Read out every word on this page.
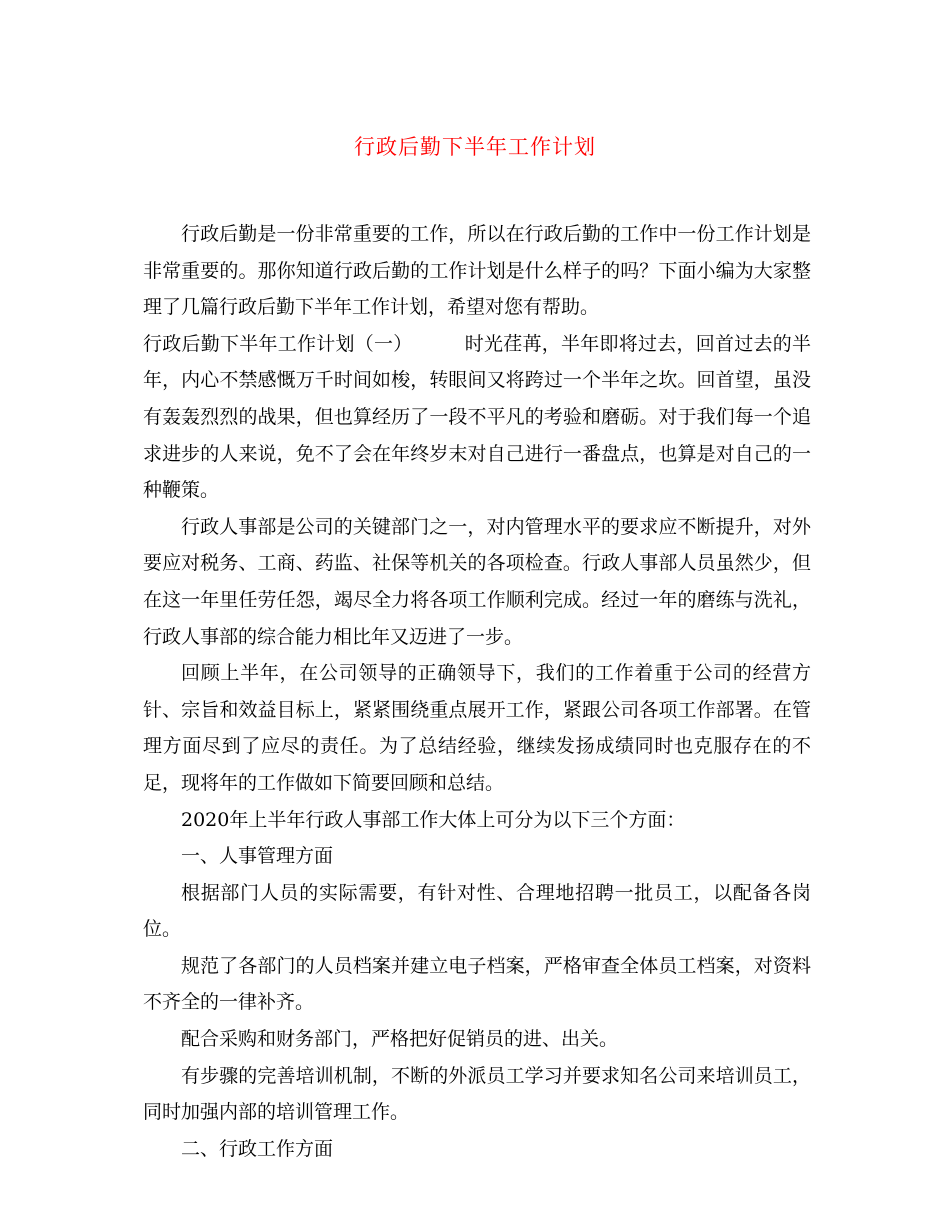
行政后勤下半年工作计划

行政后勤是一份非常重要的工作，所以在行政后勤的工作中一份工作计划是非常重要的。那你知道行政后勤的工作计划是什么样子的吗？下面小编为大家整理了几篇行政后勤下半年工作计划，希望对您有帮助。

行政后勤下半年工作计划（一）	时光荏苒，半年即将过去，回首过去的半年，内心不禁感慨万千时间如梭，转眼间又将跨过一个半年之坎。回首望，虽没有轰轰烈烈的战果，但也算经历了一段不平凡的考验和磨砺。对于我们每一个追求进步的人来说，免不了会在年终岁末对自己进行一番盘点，也算是对自己的一种鞭策。

行政人事部是公司的关键部门之一，对内管理水平的要求应不断提升，对外要应对税务、工商、药监、社保等机关的各项检查。行政人事部人员虽然少，但在这一年里任劳任怨，竭尽全力将各项工作顺利完成。经过一年的磨练与洗礼，行政人事部的综合能力相比年又迈进了一步。

回顾上半年，在公司领导的正确领导下，我们的工作着重于公司的经营方针、宗旨和效益目标上，紧紧围绕重点展开工作，紧跟公司各项工作部署。在管理方面尽到了应尽的责任。为了总结经验，继续发扬成绩同时也克服存在的不足，现将年的工作做如下简要回顾和总结。

2020年上半年行政人事部工作大体上可分为以下三个方面：

一、人事管理方面

根据部门人员的实际需要，有针对性、合理地招聘一批员工，以配备各岗位。

规范了各部门的人员档案并建立电子档案，严格审查全体员工档案，对资料不齐全的一律补齐。

配合采购和财务部门，严格把好促销员的进、出关。

有步骤的完善培训机制，不断的外派员工学习并要求知名公司来培训员工，同时加强内部的培训管理工作。

二、行政工作方面
